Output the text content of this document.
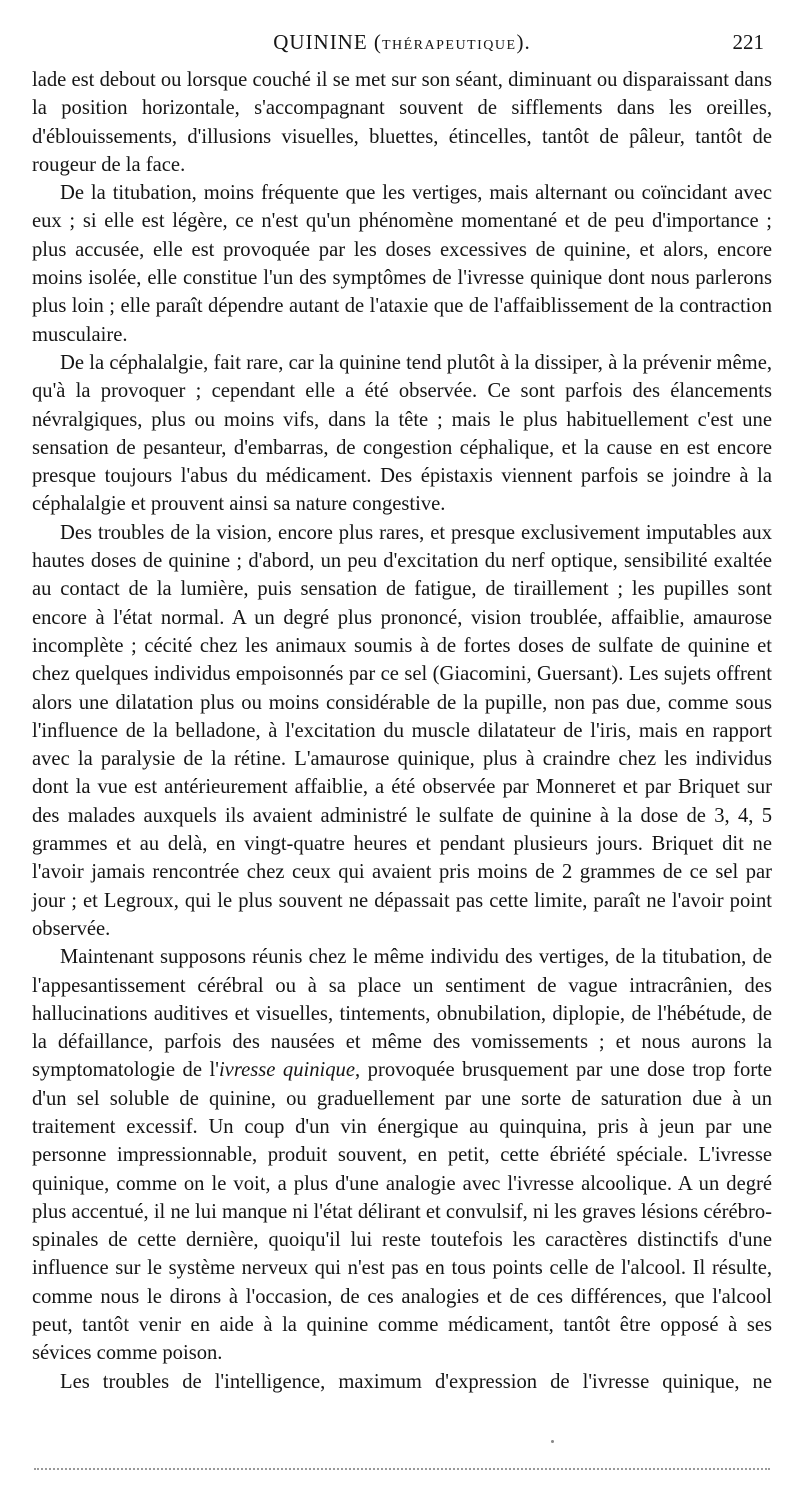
QUININE (THÉRAPEUTIQUE).	221

lade est debout ou lorsque couché il se met sur son séant, diminuant ou disparaissant dans la position horizontale, s'accompagnant souvent de sifflements dans les oreilles, d'éblouissements, d'illusions visuelles, bluettes, étincelles, tantôt de pâleur, tantôt de rougeur de la face.

De la titubation, moins fréquente que les vertiges, mais alternant ou coïncidant avec eux ; si elle est légère, ce n'est qu'un phénomène momentané et de peu d'importance ; plus accusée, elle est provoquée par les doses excessives de quinine, et alors, encore moins isolée, elle constitue l'un des symptômes de l'ivresse quinique dont nous parlerons plus loin ; elle paraît dépendre autant de l'ataxie que de l'affaiblissement de la contraction musculaire.

De la céphalalgie, fait rare, car la quinine tend plutôt à la dissiper, à la prévenir même, qu'à la provoquer ; cependant elle a été observée. Ce sont parfois des élancements névralgiques, plus ou moins vifs, dans la tête ; mais le plus habituellement c'est une sensation de pesanteur, d'embarras, de congestion céphalique, et la cause en est encore presque toujours l'abus du médicament. Des épistaxis viennent parfois se joindre à la céphalalgie et prouvent ainsi sa nature congestive.

Des troubles de la vision, encore plus rares, et presque exclusivement imputables aux hautes doses de quinine ; d'abord, un peu d'excitation du nerf optique, sensibilité exaltée au contact de la lumière, puis sensation de fatigue, de tiraillement ; les pupilles sont encore à l'état normal. A un degré plus prononcé, vision troublée, affaiblie, amaurose incomplète ; cécité chez les animaux soumis à de fortes doses de sulfate de quinine et chez quelques individus empoisonnés par ce sel (Giacomini, Guersant). Les sujets offrent alors une dilatation plus ou moins considérable de la pupille, non pas due, comme sous l'influence de la belladone, à l'excitation du muscle dilatateur de l'iris, mais en rapport avec la paralysie de la rétine. L'amaurose quinique, plus à craindre chez les individus dont la vue est antérieurement affaiblie, a été observée par Monneret et par Briquet sur des malades auxquels ils avaient administré le sulfate de quinine à la dose de 3, 4, 5 grammes et au delà, en vingt-quatre heures et pendant plusieurs jours. Briquet dit ne l'avoir jamais rencontrée chez ceux qui avaient pris moins de 2 grammes de ce sel par jour ; et Legroux, qui le plus souvent ne dépassait pas cette limite, paraît ne l'avoir point observée.

Maintenant supposons réunis chez le même individu des vertiges, de la titubation, de l'appesantissement cérébral ou à sa place un sentiment de vague intracrânien, des hallucinations auditives et visuelles, tintements, obnubilation, diplopie, de l'hébétude, de la défaillance, parfois des nausées et même des vomissements ; et nous aurons la symptomatologie de l'ivresse quinique, provoquée brusquement par une dose trop forte d'un sel soluble de quinine, ou graduellement par une sorte de saturation due à un traitement excessif. Un coup d'un vin énergique au quinquina, pris à jeun par une personne impressionnable, produit souvent, en petit, cette ébriété spéciale. L'ivresse quinique, comme on le voit, a plus d'une analogie avec l'ivresse alcoolique. A un degré plus accentué, il ne lui manque ni l'état délirant et convulsif, ni les graves lésions cérébro-spinales de cette dernière, quoiqu'il lui reste toutefois les caractères distinctifs d'une influence sur le système nerveux qui n'est pas en tous points celle de l'alcool. Il résulte, comme nous le dirons à l'occasion, de ces analogies et de ces différences, que l'alcool peut, tantôt venir en aide à la quinine comme médicament, tantôt être opposé à ses sévices comme poison.

Les troubles de l'intelligence, maximum d'expression de l'ivresse quinique, ne
